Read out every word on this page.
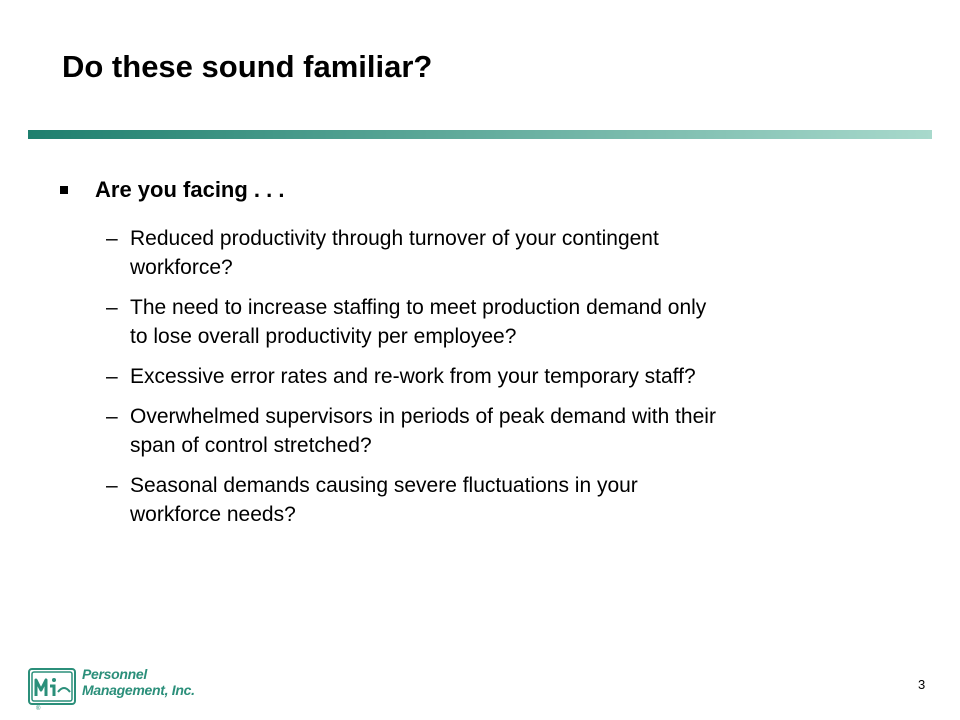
Do these sound familiar?
Are you facing . . .
– Reduced productivity through turnover of your contingent
workforce?
– The need to increase staffing to meet production demand only
to lose overall productivity per employee?
– Excessive error rates and re-work from your temporary staff?
– Overwhelmed supervisors in periods of peak demand with their
span of control stretched?
– Seasonal demands causing severe fluctuations in your
workforce needs?
Personnel
Management, Inc.
®
3
